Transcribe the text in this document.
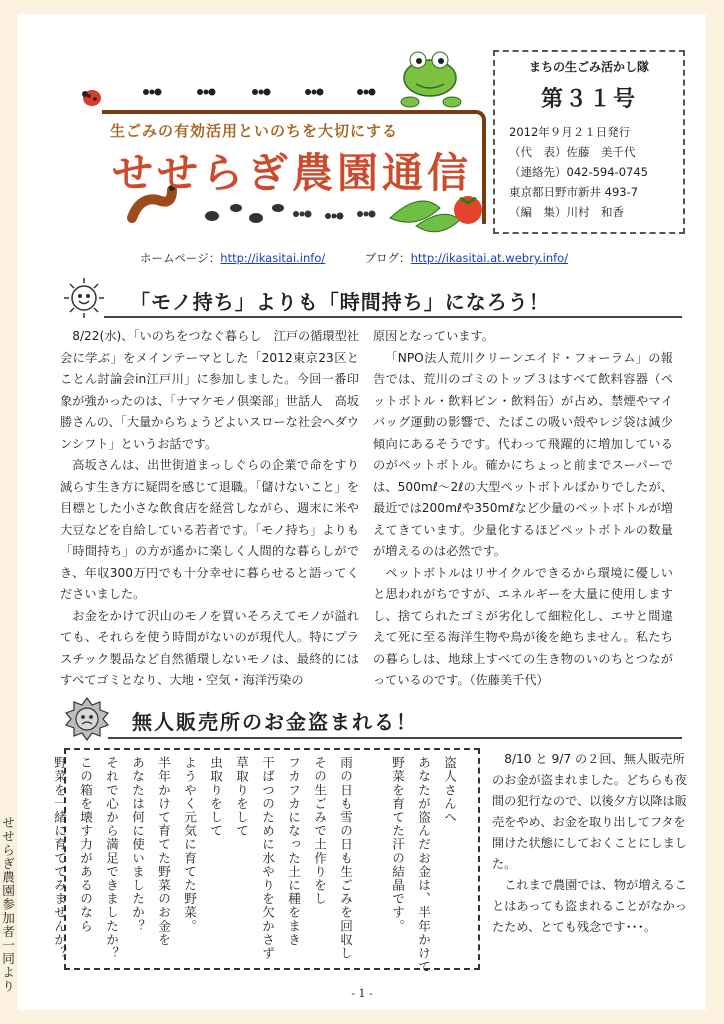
生ごみの有効活用といのちを大切にする
せせらぎ農園通信
まちの生ごみ活かし隊
第３１号
2012年９月２１日発行
（代　表）佐藤　美千代
（連絡先）042-594-0745
東京都日野市新井 493-7
（編　集）川村　和香
ホームページ：http://ikasitai.info/	ブログ：http://ikasitai.at.webry.info/
「モノ持ち」よりも「時間持ち」になろう！

8/22(水)、「いのちをつなぐ暮らし　江戸の循環型社会に学ぶ」をメインテーマとした「2012東京23区とことん討論会in江戸川」に参加しました。今回一番印象が強かったのは、「ナマケモノ倶楽部」世話人　高坂勝さんの、「大量からちょうどよいスローな社会へダウンシフト」というお話です。

高坂さんは、出世街道まっしぐらの企業で命をすり減らす生き方に疑問を感じて退職。「儲けないこと」を目標とした小さな飲食店を経営しながら、週末に米や大豆などを自給している若者です。「モノ持ち」よりも「時間持ち」の方が遙かに楽しく人間的な暮らしができ、年収300万円でも十分幸せに暮らせると語ってくださいました。

お金をかけて沢山のモノを買いそろえてモノが溢れても、それらを使う時間がないのが現代人。特にプラスチック製品など自然循環しないモノは、最終的にはすべてゴミとなり、大地・空気・海洋汚染の

原因となっています。

「NPO法人荒川クリーンエイド・フォーラム」の報告では、荒川のゴミのトップ３はすべて飲料容器（ペットボトル・飲料ビン・飲料缶）が占め、禁煙やマイバッグ運動の影響で、たばこの吸い殻やレジ袋は減少傾向にあるそうです。代わって飛躍的に増加しているのがペットボトル。確かにちょっと前までスーパーでは、500mℓ～2ℓの大型ペットボトルばかりでしたが、最近では200mℓや350mℓなど少量のペットボトルが増えてきています。少量化するほどペットボトルの数量が増えるのは必然です。

ペットボトルはリサイクルできるから環境に優しいと思われがちですが、エネルギーを大量に使用しますし、捨てられたゴミが劣化して細粒化し、エサと間違えて死に至る海洋生物や鳥が後を絶ちません。私たちの暮らしは、地球上すべての生き物のいのちとつながっているのです。（佐藤美千代）

無人販売所のお金盗まれる！
盗人さんへ
あなたが盗んだお金は、半年かけて
野菜を育てた汗の結晶です。
雨の日も雪の日も生ごみを回収し
その生ごみで土作りをし
フカフカになった土に種をまき
干ばつのために水やりを欠かさず
草取りをして
虫取りをして
ようやく元気に育てた野菜。
半年かけて育てた野菜のお金を
あなたは何に使いましたか？
それで心から満足できましたか？
この箱を壊す力があるのなら
野菜を一緒に育ててみませんか？
せせらぎ農園参加者一同より

8/10 と 9/7 の２回、無人販売所のお金が盗まれました。どちらも夜間の犯行なので、以後夕方以降は販売をやめ、お金を取り出してフタを開けた状態にしておくことにしました。

これまで農園では、物が増えることはあっても盗まれることがなかったため、とても残念です･･･。

- 1 -
